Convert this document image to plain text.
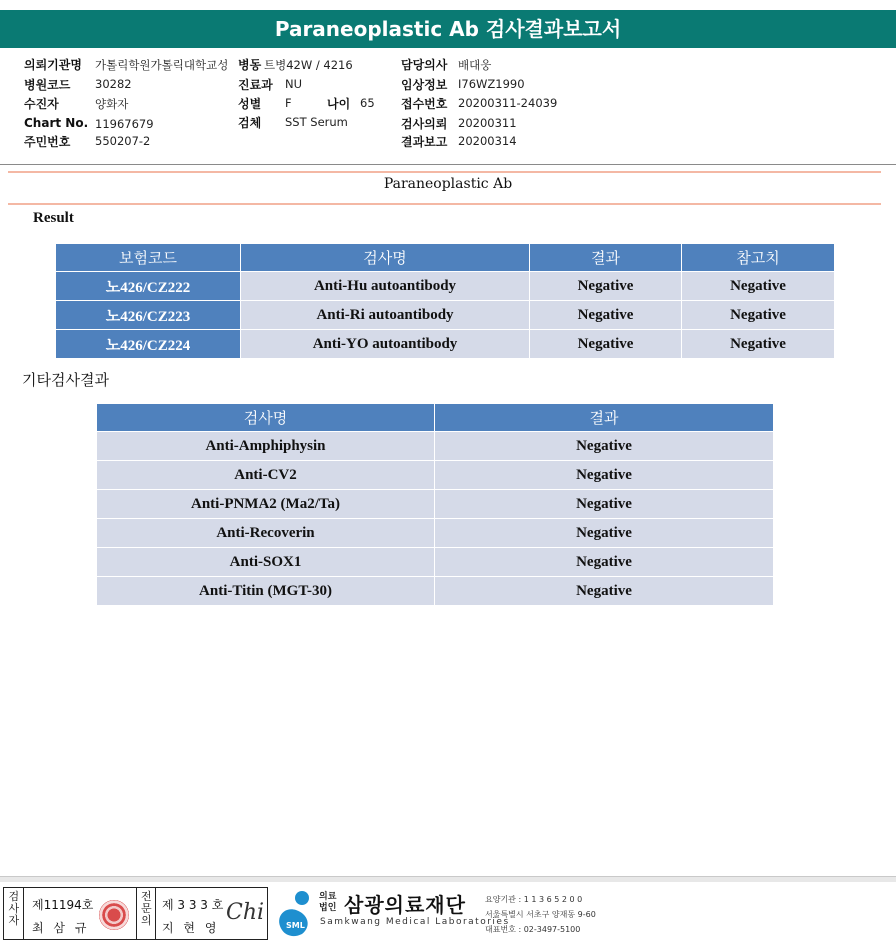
Paraneoplastic Ab 검사결과보고서
의뢰기관명 가톨릭학원가톨릭대학교성 병동 트병42W / 4216
병원코드 30282	진료과 NU
수진자	양화자	성별 F	나이 65
Chart No. 11967679	검체 SST Serum
주민번호 550207-2
담당의사 배대웅
임상정보 I76WZ1990
접수번호 20200311-24039
검사의뢰 20200311
결과보고 20200314
Paraneoplastic Ab
Result
보험코드	검사명	결과	참고치
노426/CZ222	Anti-Hu autoantibody	Negative	Negative
노426/CZ223	Anti-Ri autoantibody	Negative	Negative
노426/CZ224	Anti-YO autoantibody	Negative	Negative
기타검사결과
검사명	결과
Anti-Amphiphysin	Negative
Anti-CV2	Negative
Anti-PNMA2 (Ma2/Ta)	Negative
Anti-Recoverin	Negative
Anti-SOX1	Negative
Anti-Titin (MGT-30)	Negative
검사자
제11194호
최 삼 규
전문의
제 3 3 3 호
지 현 영
Chi
SML
의료법인 삼광의료재단
Samkwang Medical Laboratories
요양기관 : 1 1 3 6 5 2 0 0
서울특별시 서초구 양재동 9-60
대표번호 : 02-3497-5100
